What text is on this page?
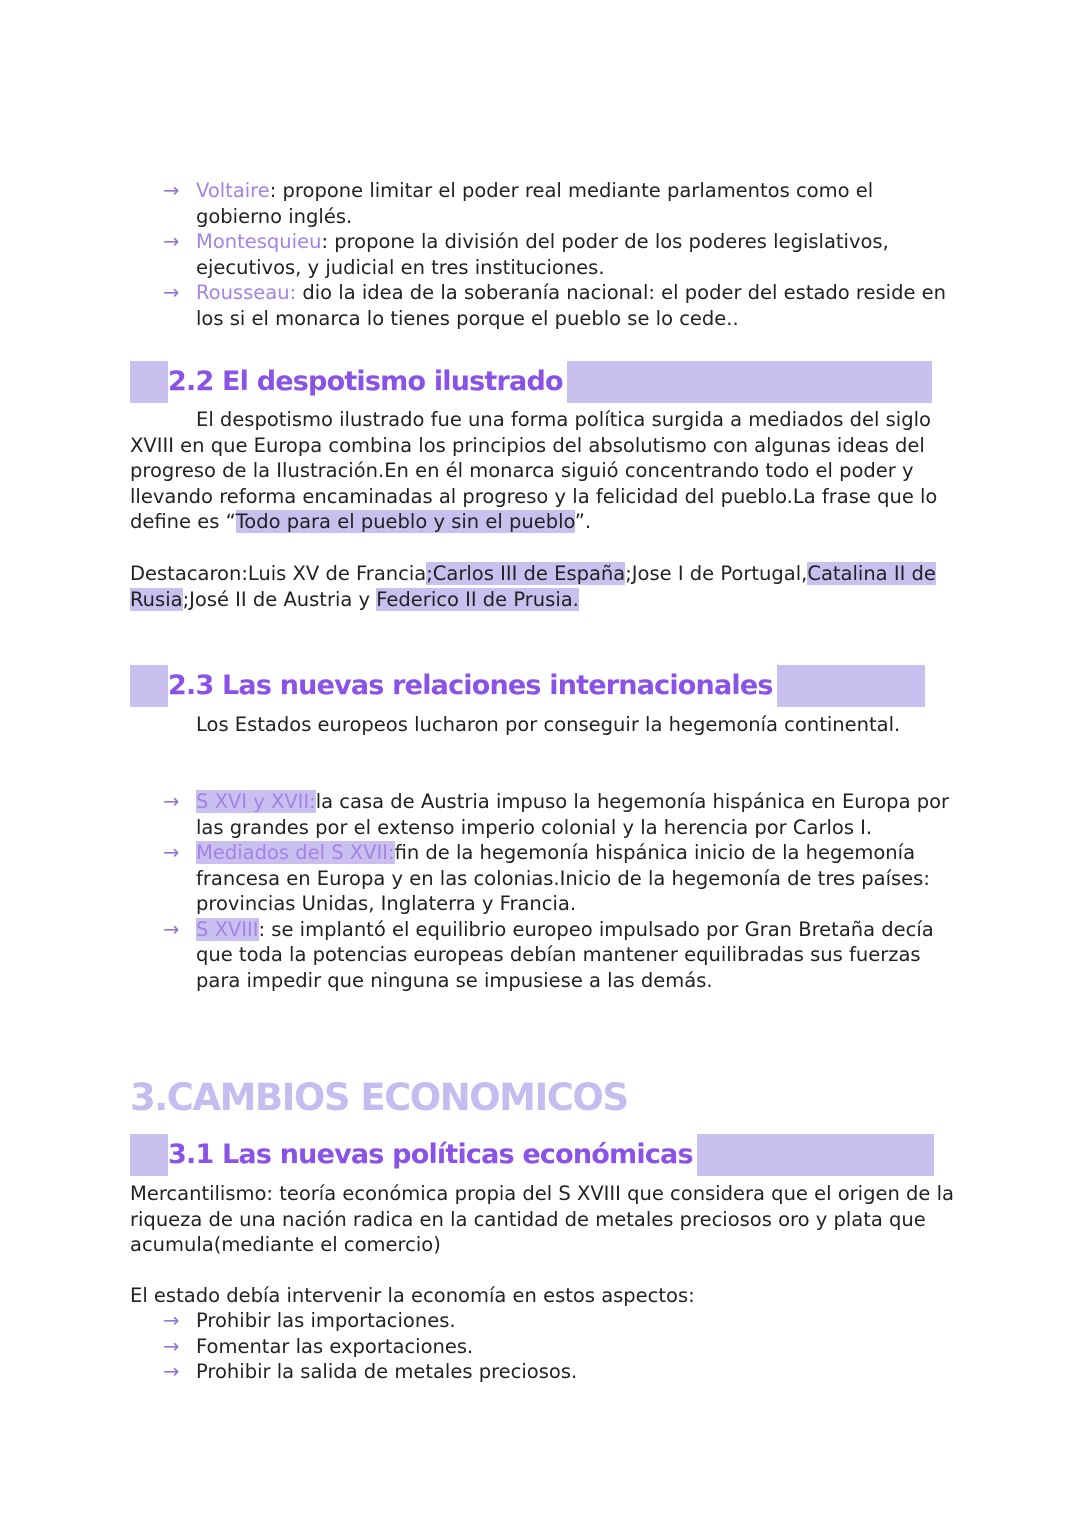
→ Voltaire: propone limitar el poder real mediante parlamentos como el gobierno inglés.
→ Montesquieu: propone la división del poder de los poderes legislativos, ejecutivos, y judicial en tres instituciones.
→ Rousseau: dio la idea de la soberanía nacional: el poder del estado reside en los si el monarca lo tienes porque el pueblo se lo cede..
2.2 El despotismo ilustrado

El despotismo ilustrado fue una forma política surgida a mediados del siglo XVIII en que Europa combina los principios del absolutismo con algunas ideas del progreso de la Ilustración.En en él monarca siguió concentrando todo el poder y llevando reforma encaminadas al progreso y la felicidad del pueblo.La frase que lo define es “Todo para el pueblo y sin el pueblo”.

Destacaron:Luis XV de Francia;Carlos III de España;Jose I de Portugal,Catalina II de Rusia;José II de Austria y Federico II de Prusia.

2.3 Las nuevas relaciones internacionales

Los Estados europeos lucharon por conseguir la hegemonía continental.

→ S XVI y XVII:la casa de Austria impuso la hegemonía hispánica en Europa por las grandes por el extenso imperio colonial y la herencia por Carlos I.
→ Mediados del S XVII:fin de la hegemonía hispánica inicio de la hegemonía francesa en Europa y en las colonias.Inicio de la hegemonía de tres países: provincias Unidas, Inglaterra y Francia.
→ S XVIII: se implantó el equilibrio europeo impulsado por Gran Bretaña decía que toda la potencias europeas debían mantener equilibradas sus fuerzas para impedir que ninguna se impusiese a las demás.
3.CAMBIOS ECONOMICOS
3.1 Las nuevas políticas económicas

Mercantilismo: teoría económica propia del S XVIII que considera que el origen de la riqueza de una nación radica en la cantidad de metales preciosos oro y plata que acumula(mediante el comercio)

El estado debía intervenir la economía en estos aspectos:

→ Prohibir las importaciones.
→ Fomentar las exportaciones.
→ Prohibir la salida de metales preciosos.
